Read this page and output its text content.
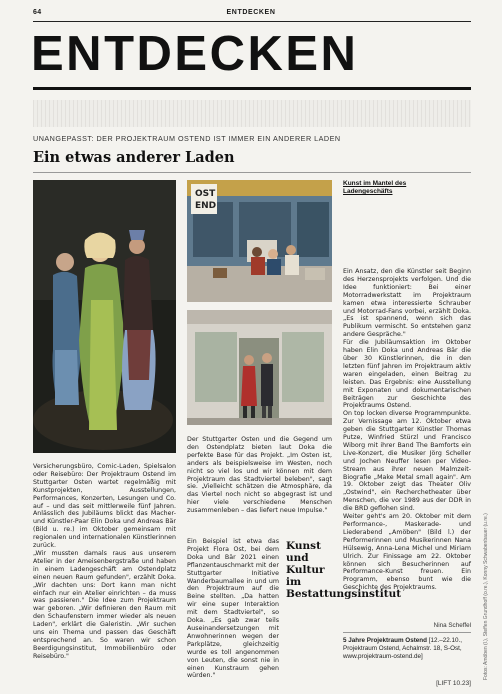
64	ENTDECKEN
ENTDECKEN
UNANGEPASST: DER PROJEKTRAUM OSTEND IST IMMER EIN ANDERER LADEN
Ein etwas anderer Laden
OST
END
Kunst im Mantel des Ladengeschäfts

Versicherungsbüro, Comic-Laden, Spielsalon oder Reisebüro: Der Projektraum Ostend im Stuttgarter Osten wartet regelmäßig mit Kunstprojekten, Ausstellungen, Performances, Konzerten, Lesungen und Co. auf – und das seit mittlerweile fünf Jahren. Anlässlich des Jubiläums blickt das Macher- und Künstler-Paar Elin Doka und Andreas Bär (Bild u. re.) im Oktober gemeinsam mit regionalen und internationalen Künstlerinnen zurück.

„Wir mussten damals raus aus unserem Atelier in der Ameisenbergstraße und haben in einem Ladengeschäft am Ostendplatz einen neuen Raum gefunden", erzählt Doka. „Wir dachten uns: Dort kann man nicht einfach nur ein Atelier einrichten – da muss was passieren." Die Idee zum Projektraum war geboren. „Wir definieren den Raum mit den Schaufenstern immer wieder als neuen Laden", erklärt die Galeristin. „Wir suchen uns ein Thema und passen das Geschäft entsprechend an. So waren wir schon Beerdigungsinstitut, Immobilienbüro oder Reisebüro."

Der Stuttgarter Osten und die Gegend um den Ostendplatz bieten laut Doka die perfekte Base für das Projekt. „Im Osten ist, anders als beispielsweise im Westen, noch nicht so viel los und wir können mit dem Projektraum das Stadtviertel beleben", sagt sie. „Vielleicht schätzen die Atmosphäre, da das Viertel noch nicht so abgegrast ist und hier viele verschiedene Menschen zusammenleben – das liefert neue Impulse."

Ein Beispiel ist etwa das Projekt Flora Ost, bei dem Doka und Bär 2021 einen Pflanzentauschmarkt mit der Stuttgarter Initiative Wanderbaumallee in und um den Projektraum auf die Beine stellten. „Da hatten wir eine super Interaktion mit dem Stadtviertel", so Doka. „Es gab zwar teils Auseinandersetzungen mit Anwohnerinnen wegen der Parkplätze, gleichzeitig wurde es toll angenommen von Leuten, die sonst nie in einen Kunstraum gehen würden."

Kunst und Kultur im Bestattungsinstitut

Ein Ansatz, den die Künstler seit Beginn des Herzensprojekts verfolgen. Und die Idee funktioniert: Bei einer Motorradwerkstatt im Projektraum kamen etwa interessierte Schrauber und Motorrad-Fans vorbei, erzählt Doka. „Es ist spannend, wenn sich das Publikum vermischt. So entstehen ganz andere Gespräche."

Für die Jubiläumsaktion im Oktober haben Elin Doka und Andreas Bär die über 30 Künstlerinnen, die in den letzten fünf Jahren im Projektraum aktiv waren eingeladen, einen Beitrag zu leisten. Das Ergebnis: eine Ausstellung mit Exponaten und dokumentarischen Beiträgen zur Geschichte des Projektraums Ostend.

On top locken diverse Programmpunkte. Zur Vernissage am 12. Oktober etwa geben die Stuttgarter Künstler Thomas Putze, Winfried Stürzl und Francisco Wiborg mit ihrer Band The Bamforts ein Live-Konzert, die Musiker Jörg Scheller und Jochen Neuffer lesen per Video-Stream aus ihrer neuen Malmzeit-Biografie „Make Metal small again". Am 19. Oktober zeigt das Theater Oliv „Ostwind", ein Recherchetheater über Menschen, die vor 1989 aus der DDR in die BRD geflohen sind.

Weiter geht's am 20. Oktober mit dem Performance-, Maskerade- und Liederabend „Amöben" (Bild l.) der Performerinnen und Musikerinnen Nana Hülsewig, Anna-Lena Michel und Miriam Ulrich. Zur Finissage am 22. Oktober können sich Besucherinnen auf Performance-Kunst freuen. Ein Programm, ebenso bunt wie die Geschichte des Projektraums.

Nina Scheffel
5 Jahre Projektraum Ostend [12.–22.10., Projektraum Ostend, Achalmstr. 18, S-Ost, www.projektraum-ostend.de]	Fotos: Amöben (l.), Steffen Grundhoff (o.re.), Konny Schwabenbauer (u.re.)
[LIFT 10.23]
